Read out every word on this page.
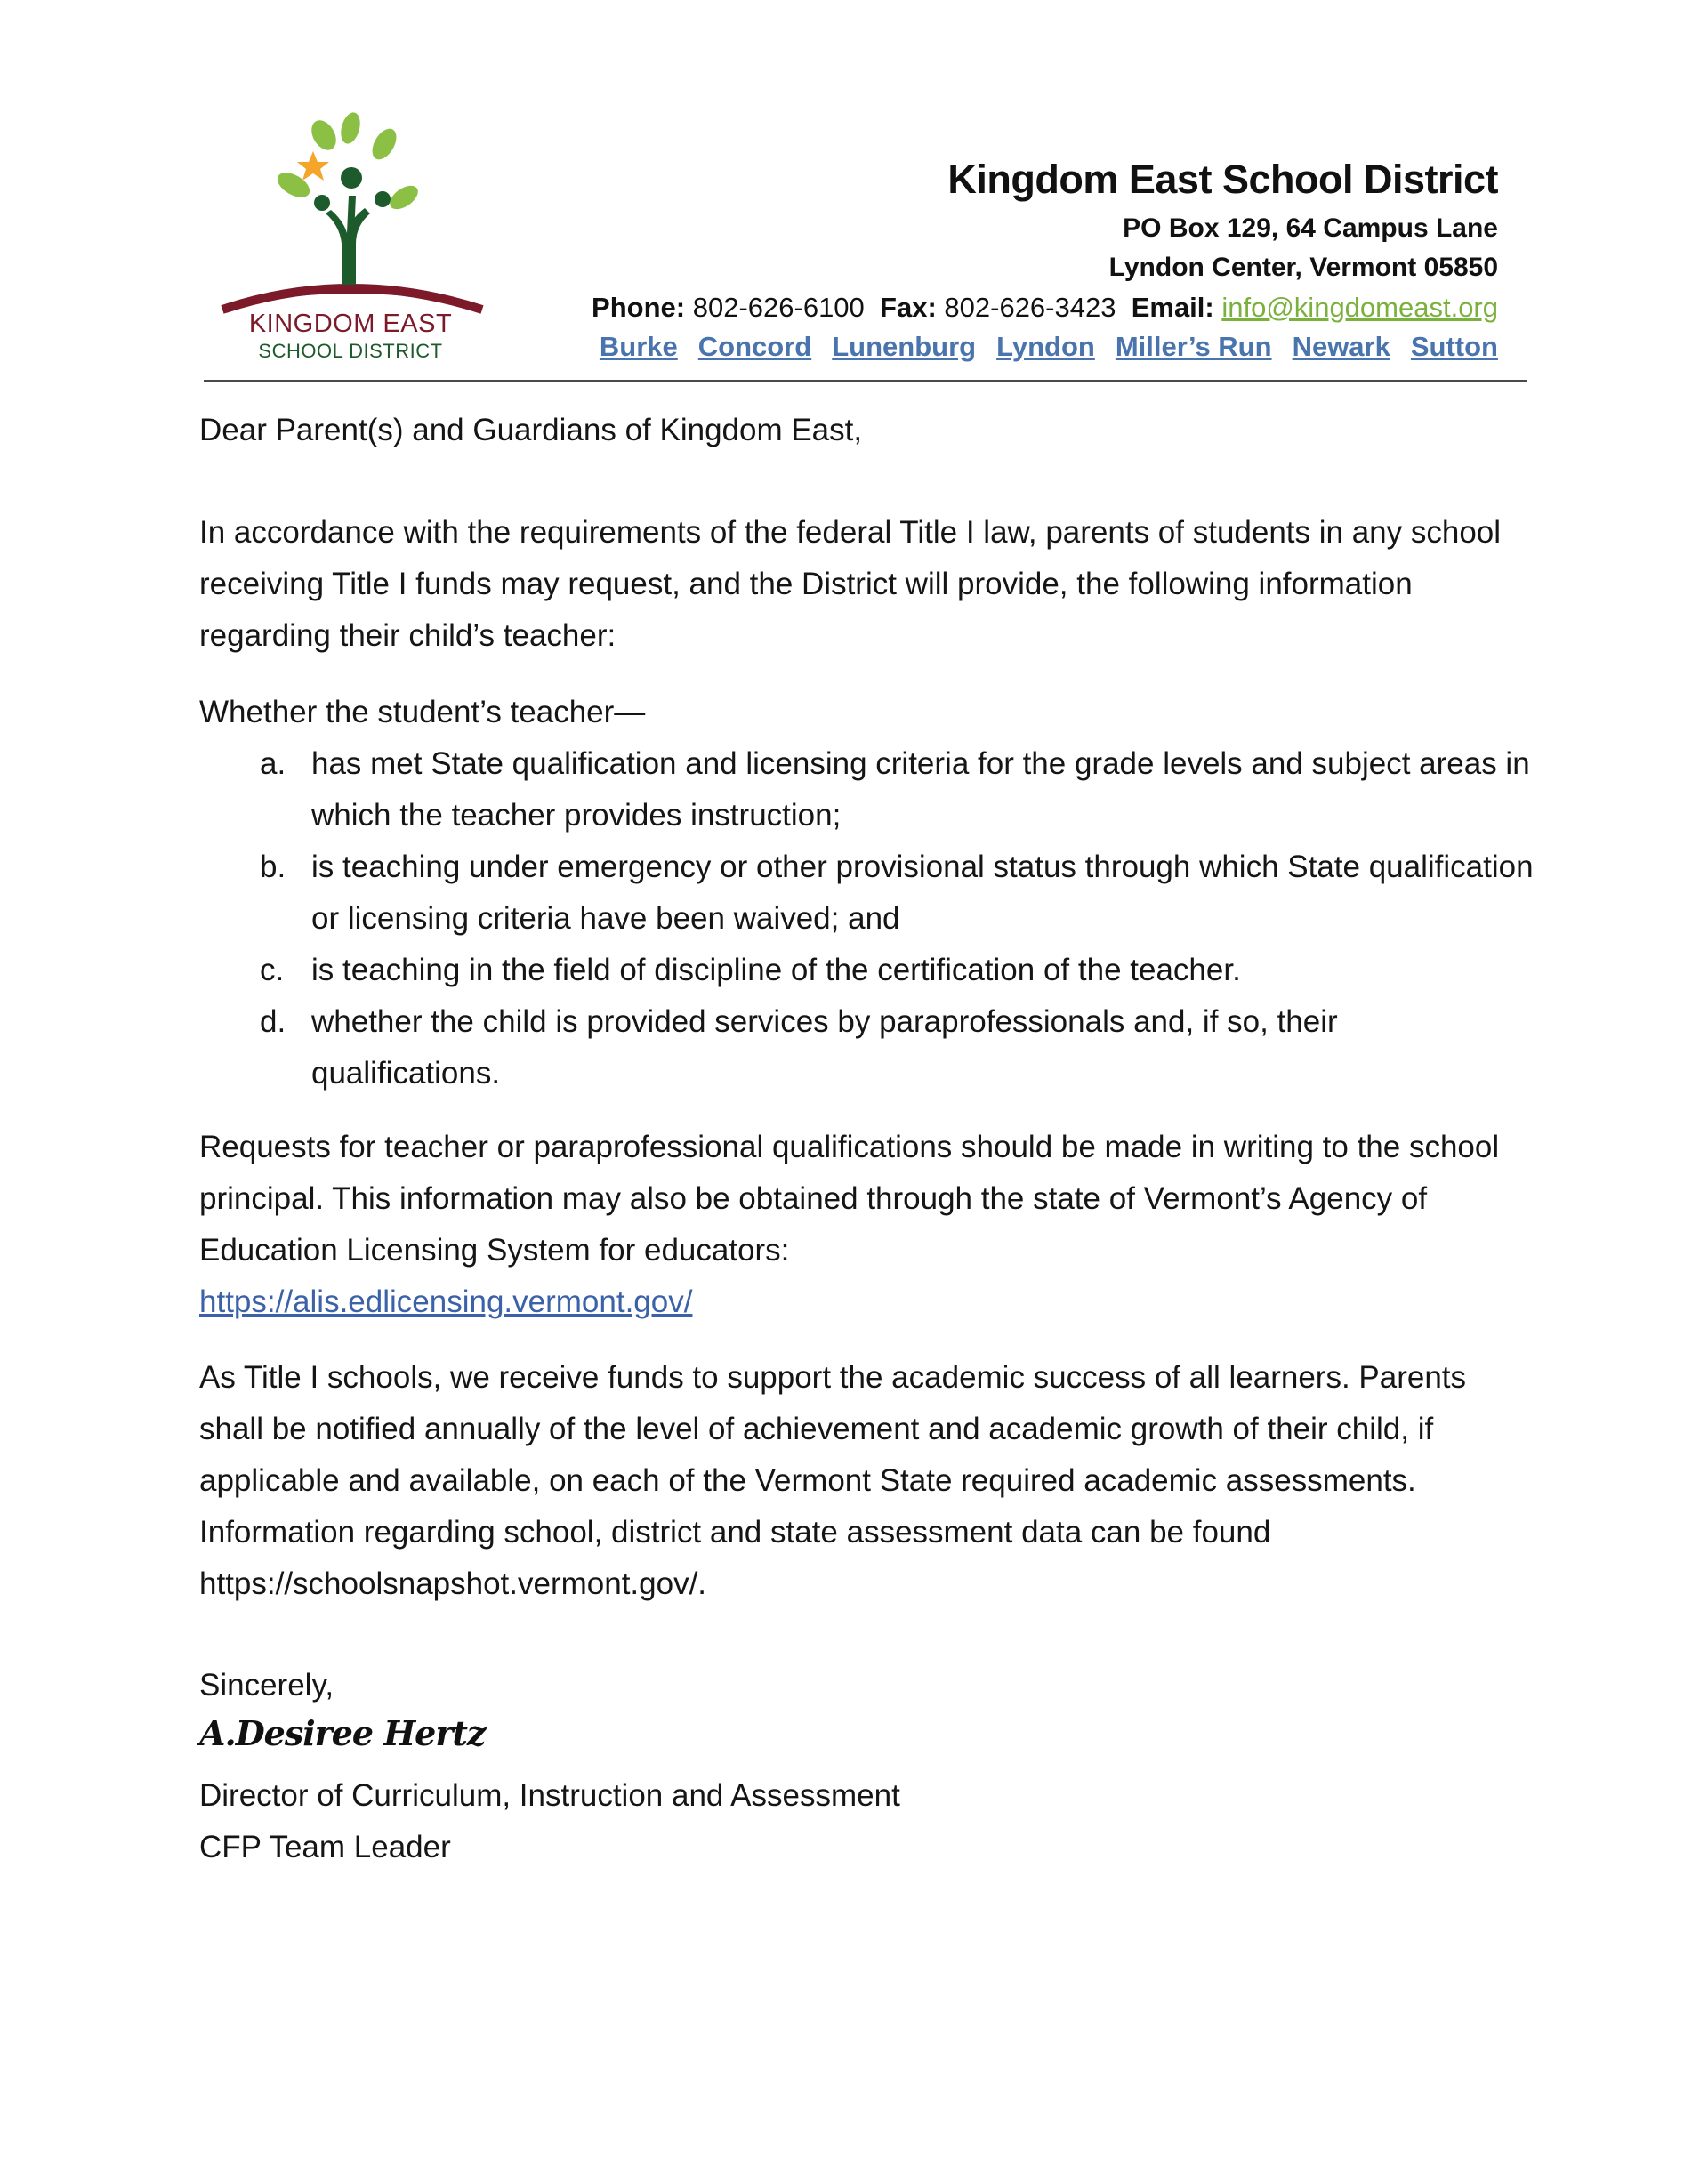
KINGDOM EAST
SCHOOL DISTRICT
Kingdom East School District
PO Box 129, 64 Campus Lane
Lyndon Center, Vermont 05850
Phone: 802-626-6100 Fax: 802-626-3423 Email: info@kingdomeast.org
Burke Concord Lunenburg Lyndon Miller’s Run Newark Sutton
Dear Parent(s) and Guardians of Kingdom East,
In accordance with the requirements of the federal Title I law, parents of students in any school receiving Title I funds may request, and the District will provide, the following information regarding their child’s teacher:
Whether the student’s teacher—
a. has met State qualification and licensing criteria for the grade levels and subject areas in which the teacher provides instruction;
b. is teaching under emergency or other provisional status through which State qualification or licensing criteria have been waived; and
c. is teaching in the field of discipline of the certification of the teacher.
d. whether the child is provided services by paraprofessionals and, if so, their qualifications.
Requests for teacher or paraprofessional qualifications should be made in writing to the school principal. This information may also be obtained through the state of Vermont’s Agency of Education Licensing System for educators:
https://alis.edlicensing.vermont.gov/
As Title I schools, we receive funds to support the academic success of all learners. Parents shall be notified annually of the level of achievement and academic growth of their child, if applicable and available, on each of the Vermont State required academic assessments. Information regarding school, district and state assessment data can be found https://schoolsnapshot.vermont.gov/.
Sincerely,
A.Desiree Hertz
Director of Curriculum, Instruction and Assessment
CFP Team Leader
